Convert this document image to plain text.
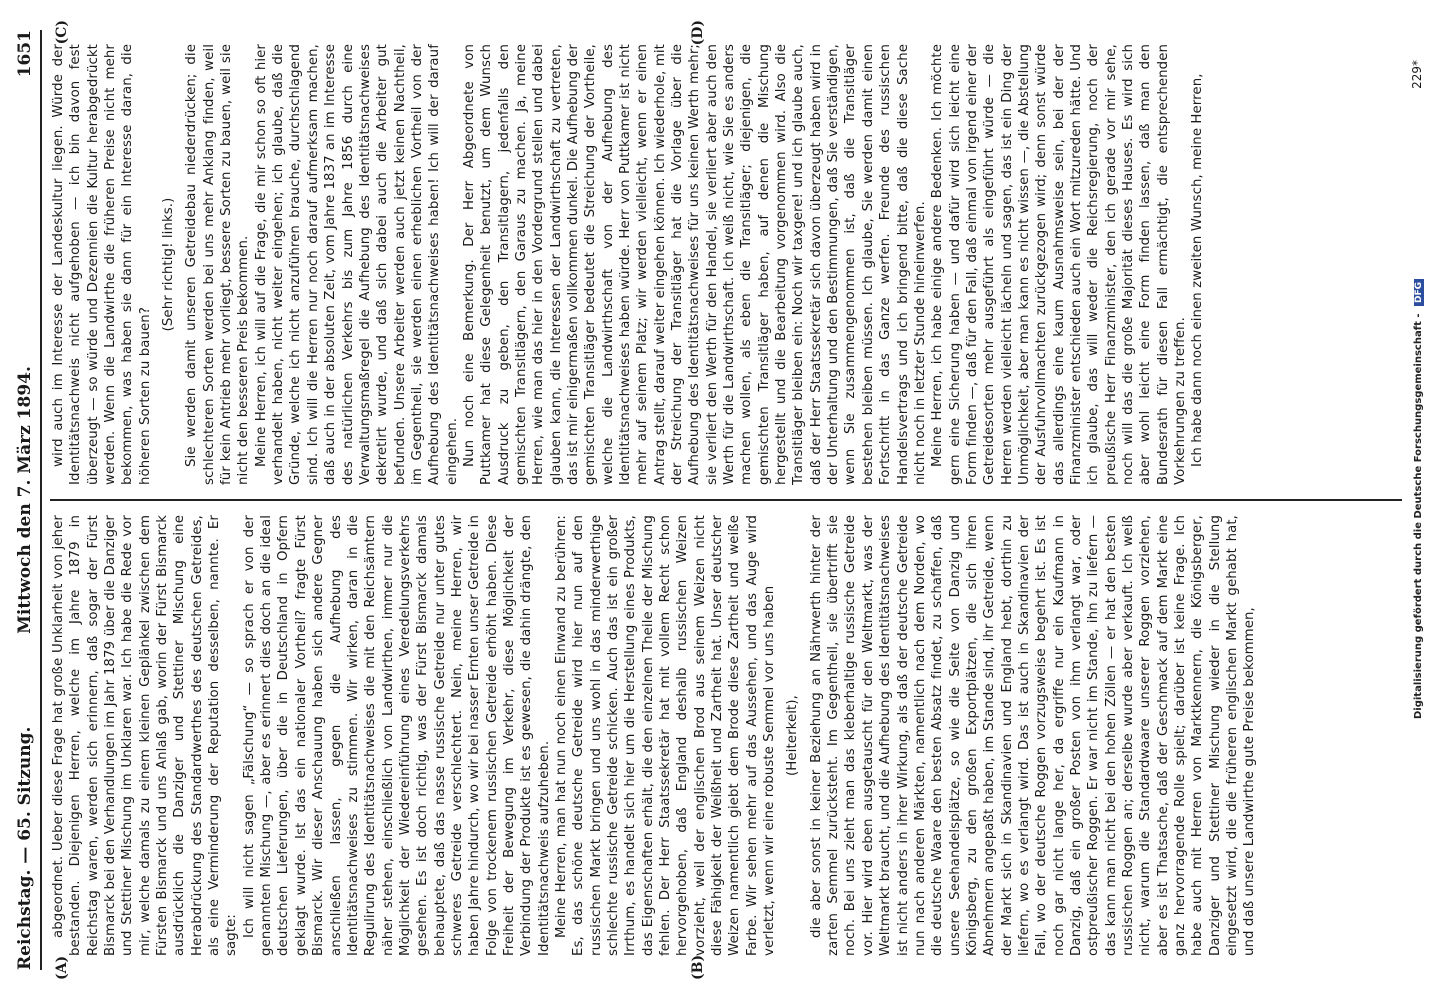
Reichstag. — 65. Sitzung.
Mittwoch den 7. März 1894.
1651
(A)	(B)

abgeordnet. Ueber diese Frage hat große Unklarheit von jeher bestanden. Diejenigen Herren, welche im Jahre 1879 in Reichstag waren, werden sich erinnern, daß sogar der Fürst Bismarck bei den Verhandlungen im Jahr 1879 über die Danziger und Stettiner Mischung im Unklaren war. Ich habe die Rede vor mir, welche damals zu einem kleinen Geplänkel zwischen dem Fürsten Bismarck und uns Anlaß gab, worin der Fürst Bismarck ausdrücklich die Danziger und Stettiner Mischung eine Herabdrückung des Standardwerthes des deutschen Getreides, als eine Verminderung der Reputation desselben, nannte. Er sagte: Ich will nicht sagen „Fälschung“ — so sprach er von der genannten Mischung —, aber es erinnert dies doch an die ideal deutschen Lieferungen, über die in Deutschland in Opfern geklagt wurde. Ist das ein nationaler Vortheil? fragte Fürst Bismarck. Wir dieser Anschauung haben sich andere Gegner anschließen lassen, gegen die Aufhebung des Identitätsnachweises zu stimmen. Wir wirken, daran in die Regulirung des Identitätsnachweises die mit den Reichsämtern näher stehen, einschließlich von Landwirthen, immer nur die Möglichkeit der Wiedereinführung eines Veredelungsverkehrs gesehen. Es ist doch richtig, was der Fürst Bismarck damals behauptete, daß das nasse russische Getreide nur unter gutes schweres Getreide verschlechtert. Nein, meine Herren, wir haben Jahre hindurch, wo wir bei nasser Ernten unser Getreide in Folge von trockenem russischen Getreide erhöht haben. Diese Freiheit der Bewegung im Verkehr, diese Möglichkeit der Verbindung der Produkte ist es gewesen, die dahin drängte, den Identitätsnachweis aufzuheben. Meine Herren, man hat nun noch einen Einwand zu berühren: Es, das schöne deutsche Getreide wird hier nun auf den russischen Markt bringen und uns wohl in das minderwerthige schlechte russische Getreide schicken. Auch das ist ein großer Irrthum, es handelt sich hier um die Herstellung eines Produkts, das Eigenschaften erhält, die den einzelnen Theile der Mischung fehlen. Der Herr Staatssekretär hat mit vollem Recht schon hervorgehoben, daß England deshalb russischen Weizen vorzieht, weil der englischen Brod aus seinem Weizen nicht diese Fähigkeit der Weißheit und Zartheit hat. Unser deutscher Weizen namentlich giebt dem Brode diese Zartheit und weiße Farbe. Wir sehen mehr auf das Aussehen, und das Auge wird verletzt, wenn wir eine robuste Semmel vor uns haben (Heiterkeit), die aber sonst in keiner Beziehung an Nährwerth hinter der zarten Semmel zurücksteht. Im Gegentheil, sie übertrifft sie noch. Bei uns zieht man das kleberhaltige russische Getreide vor. Hier wird eben ausgetauscht für den Weltmarkt, was der Weltmarkt braucht, und die Aufhebung des Identitätsnachweises ist nicht anders in ihrer Wirkung, als daß der deutsche Getreide nun nach anderen Märkten, namentlich nach dem Norden, wo die deutsche Waare den besten Absatz findet, zu schaffen, daß unsere Seehandelsplätze, so wie die Seite von Danzig und Königsberg, zu den großen Exportplätzen, die sich ihren Abnehmern angepaßt haben, im Stande sind, ihr Getreide, wenn der Markt sich in Skandinavien und England hebt, dorthin zu liefern, wo es verlangt wird. Das ist auch in Skandinavien der Fall, wo der deutsche Roggen vorzugsweise begehrt ist. Es ist noch gar nicht lange her, da ergriffe nur ein Kaufmann in Danzig, daß ein großer Posten von ihm verlangt war, oder ostpreußischer Roggen. Er war nicht im Stande, ihn zu liefern — das kann man nicht bei den hohen Zöllen — er hat den besten russischen Roggen an; derselbe wurde aber verkauft. Ich weiß nicht, warum die Standardwaare unserer Roggen vorziehen, aber es ist Thatsache, daß der Geschmack auf dem Markt eine ganz hervorragende Rolle spielt; darüber ist keine Frage. Ich habe auch mit Herren von Marktkennern, die Königsberger, Danziger und Stettiner Mischung wieder in die Stellung eingesetzt wird, die die früheren englischen Markt gehabt hat, und daß unsere Landwirthe gute Preise bekommen,

(C)	(D)

wird auch im Interesse der Landeskultur liegen. Würde der Identitätsnachweis nicht aufgehoben — ich bin davon fest überzeugt — so würde und Dezennien die Kultur herabgedrückt werden. Wenn die Landwirthe die früheren Preise nicht mehr bekommen, was haben sie dann für ein Interesse daran, die höheren Sorten zu bauen?

(Sehr richtig! links.) Sie werden damit unseren Getreidebau niederdrücken; die schlechteren Sorten werden bei uns mehr Anklang finden, weil für kein Antrieb mehr vorliegt, bessere Sorten zu bauen, weil sie nicht den besseren Preis bekommen. Meine Herren, ich will auf die Frage, die mir schon so oft hier verhandelt haben, nicht weiter eingehen; ich glaube, daß die Gründe, welche ich nicht anzuführen brauche, durchschlagend sind. Ich will die Herren nur noch darauf aufmerksam machen, daß auch in der absoluten Zeit, vom Jahre 1837 an im Interesse des natürlichen Verkehrs bis zum Jahre 1856 durch eine Verwaltungsmaßregel die Aufhebung des Identitätsnachweises dekretirt wurde, und daß sich dabei auch die Arbeiter gut befunden. Unsere Arbeiter werden auch jetzt keinen Nachtheil, im Gegentheil, sie werden einen erheblichen Vortheil von der Aufhebung des Identitätsnachweises haben! Ich will der darauf eingehen. Nun noch eine Bemerkung. Der Herr Abgeordnete von Puttkamer hat diese Gelegenheit benutzt, um dem Wunsch Ausdruck zu geben, den Transitlagern, jedenfalls den gemischten Transitlägern, den Garaus zu machen. Ja, meine Herren, wie man das hier in den Vordergrund stellen und dabei glauben kann, die Interessen der Landwirthschaft zu vertreten, das ist mir einigermaßen vollkommen dunkel. Die Aufhebung der gemischten Transitläger bedeutet die Streichung der Vortheile, welche die Landwirthschaft von der Aufhebung des Identitätsnachweises haben würde. Herr von Puttkamer ist nicht mehr auf seinem Platz; wir werden vielleicht, wenn er einen Antrag stellt, darauf weiter eingehen können. Ich wiederhole, mit der Streichung der Transitläger hat die Vorlage über die Aufhebung des Identitätsnachweises für uns keinen Werth mehr; sie verliert den Werth für den Handel, sie verliert aber auch den Werth für die Landwirthschaft. Ich weiß nicht, wie Sie es anders machen wollen, als eben die Transitläger; diejenigen, die gemischten Transitläger haben, auf denen die Mischung hergestellt und die Bearbeitung vorgenommen wird. Also die Transitläger bleiben ein: Noch wir taxgere! und ich glaube auch, daß der Herr Staatssekretär sich davon überzeugt haben wird in der Unterhaltung und den Bestimmungen, daß Sie verständigen, wenn Sie zusammengenommen ist, daß die Transitläger bestehen bleiben müssen. Ich glaube, Sie werden damit einen Fortschritt in das Ganze werfen. Freunde des russischen Handelsvertrags und ich bringend bitte, daß die diese Sache nicht noch in letzter Stunde hineinwerfen. Meine Herren, ich habe einige andere Bedenken. Ich möchte gern eine Sicherung haben — und dafür wird sich leicht eine Form finden —, daß für den Fall, daß einmal von irgend einer der Getreidesorten mehr ausgeführt als eingeführt würde — die Herren werden vielleicht lächeln und sagen, das ist ein Ding der Unmöglichkeit, aber man kann es nicht wissen —, die Abstellung der Ausfuhrvollmachten zurückgezogen wird; denn sonst würde das allerdings eine kaum Ausnahmsweise sein, bei der der Finanzminister entschieden auch ein Wort mitzureden hätte. Und ich glaube, das will weder die Reichsregierung, noch der preußische Herr Finanzminister, den ich gerade vor mir sehe, noch will das die große Majorität dieses Hauses. Es wird sich aber wohl leicht eine Form finden lassen, daß man den Bundesrath für diesen Fall ermächtigt, die entsprechenden Vorkehrungen zu treffen. Ich habe dann noch einen zweiten Wunsch, meine Herren,	229*
Digitalisierung gefördert durch die Deutsche Forschungsgemeinschaft - DFG
